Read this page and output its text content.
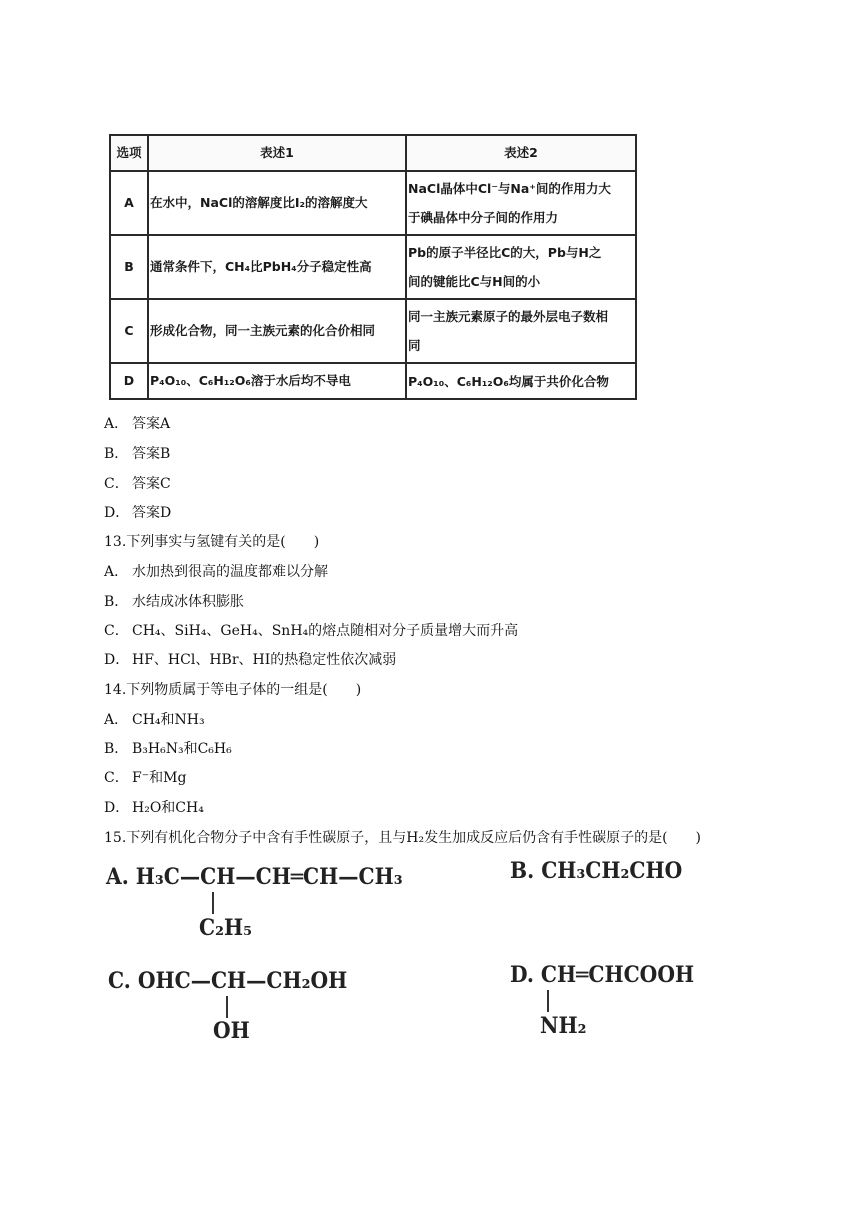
选项	表述1	表述2
A	在水中，NaCl的溶解度比I₂的溶解度大	NaCl晶体中Cl⁻与Na⁺间的作用力大
于碘晶体中分子间的作用力

B	通常条件下，CH₄比PbH₄分子稳定性高	Pb的原子半径比C的大，Pb与H之
间的键能比C与H间的小

C	形成化合物，同一主族元素的化合价相同	同一主族元素原子的最外层电子数相
同

D	P₄O₁₀、C₆H₁₂O₆溶于水后均不导电	P₄O₁₀、C₆H₁₂O₆均属于共价化合物
A． 答案A
B． 答案B
C． 答案C
D． 答案D
13.下列事实与氢键有关的是(　　)
A． 水加热到很高的温度都难以分解
B． 水结成冰体积膨胀
C． CH₄、SiH₄、GeH₄、SnH₄的熔点随相对分子质量增大而升高
D． HF、HCl、HBr、HI的热稳定性依次减弱
14.下列物质属于等电子体的一组是(　　)
A． CH₄和NH₃
B． B₃H₆N₃和C₆H₆
C． F⁻和Mg
D． H₂O和CH₄
15.下列有机化合物分子中含有手性碳原子，且与H₂发生加成反应后仍含有手性碳原子的是(　　)
A. H₃C—CH—CH═CH—CH₃
C₂H₅
B. CH₃CH₂CHO
C. OHC—CH—CH₂OH
OH
D. CH═CHCOOH
NH₂
